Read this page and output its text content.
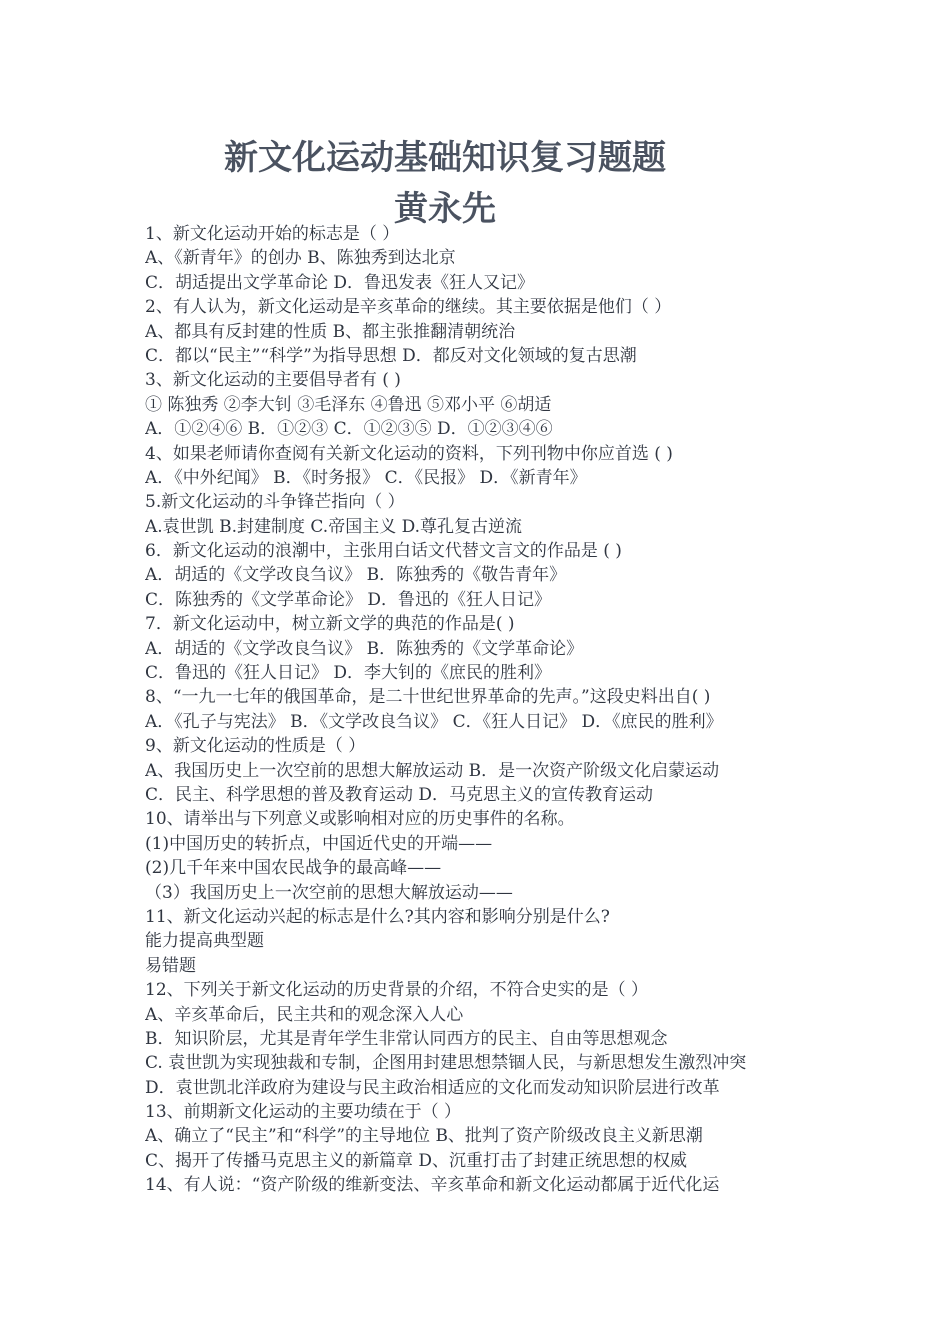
新文化运动基础知识复习题题
黄永先
1、新文化运动开始的标志是（ ）
A、《新青年》的创办 B、陈独秀到达北京
C．胡适提出文学革命论 D．鲁迅发表《狂人又记》
2、有人认为，新文化运动是辛亥革命的继续。其主要依据是他们（ ）
A、都具有反封建的性质 B、都主张推翻清朝统治
C．都以“民主”“科学”为指导思想 D．都反对文化领域的复古思潮
3、新文化运动的主要倡导者有 ( )
① 陈独秀 ②李大钊 ③毛泽东 ④鲁迅 ⑤邓小平 ⑥胡适
A．①②④⑥ B．①②③ C．①②③⑤ D．①②③④⑥
4、如果老师请你查阅有关新文化运动的资料，下列刊物中你应首选 ( )
A．《中外纪闻》 B．《时务报》 C．《民报》 D．《新青年》
5.新文化运动的斗争锋芒指向（ ）
A.袁世凯 B.封建制度 C.帝国主义 D.尊孔复古逆流
6．新文化运动的浪潮中，主张用白话文代替文言文的作品是 ( )
A．胡适的《文学改良刍议》 B．陈独秀的《敬告青年》
C．陈独秀的《文学革命论》 D．鲁迅的《狂人日记》
7．新文化运动中，树立新文学的典范的作品是( )
A．胡适的《文学改良刍议》 B．陈独秀的《文学革命论》
C．鲁迅的《狂人日记》 D．李大钊的《庶民的胜利》
8、“一九一七年的俄国革命，是二十世纪世界革命的先声。”这段史料出自( )
A．《孔子与宪法》 B．《文学改良刍议》 C．《狂人日记》 D．《庶民的胜利》
9、新文化运动的性质是（ ）
A、我国历史上一次空前的思想大解放运动 B．是一次资产阶级文化启蒙运动
C．民主、科学思想的普及教育运动 D．马克思主义的宣传教育运动
10、请举出与下列意义或影响相对应的历史事件的名称。
(1)中国历史的转折点，中国近代史的开端——
(2)几千年来中国农民战争的最高峰——
（3）我国历史上一次空前的思想大解放运动——
11、新文化运动兴起的标志是什么?其内容和影响分别是什么?
能力提高典型题
易错题
12、下列关于新文化运动的历史背景的介绍，不符合史实的是（ ）
A、辛亥革命后，民主共和的观念深入人心
B．知识阶层，尤其是青年学生非常认同西方的民主、自由等思想观念
C. 袁世凯为实现独裁和专制，企图用封建思想禁锢人民，与新思想发生激烈冲突
D．袁世凯北洋政府为建设与民主政治相适应的文化而发动知识阶层进行改革
13、前期新文化运动的主要功绩在于（ ）
A、确立了“民主”和“科学”的主导地位 B、批判了资产阶级改良主义新思潮
C、揭开了传播马克思主义的新篇章 D、沉重打击了封建正统思想的权威
14、有人说：“资产阶级的维新变法、辛亥革命和新文化运动都属于近代化运
